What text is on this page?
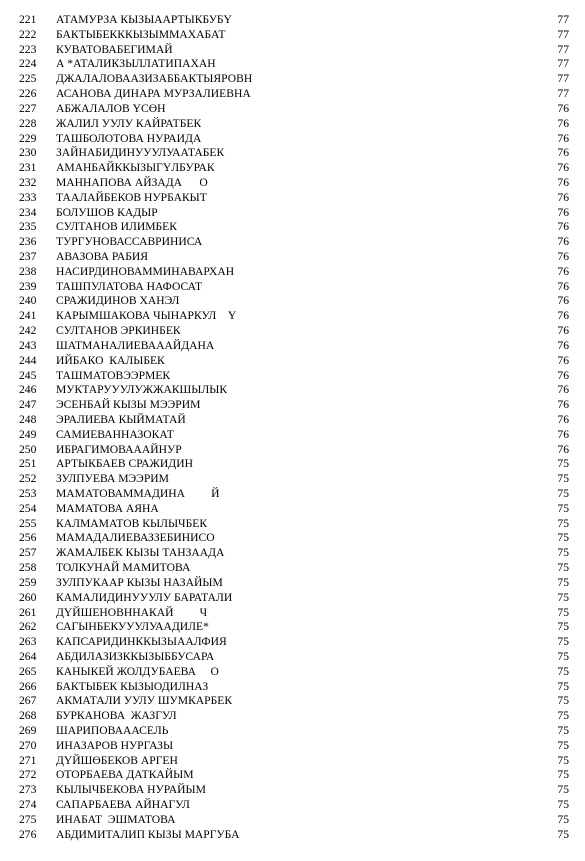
221	АТАМУРЗА КЫЗЫААРТЫКБУБҮ	77
222	БАКТЫБЕКККЫЗЫММАХАБАТ	77
223	КУВАТОВАБЕГИМАЙ	77
224	А *АТАЛИКЗЫЛЛАТИПАХАН	77
225	ДЖАЛАЛОВААЗИЗАББАКТЫЯРОВН	77
226	АСАНОВА ДИНАРА МУРЗАЛИЕВНА	77
227	АБЖАЛАЛОВ ҮСӨН	76
228	ЖАЛИЛ УУЛУ КАЙРАТБЕК	76
229	ТАШБОЛОТОВА НУРАИДА	76
230	ЗАЙНАБИДИНУУУЛУААТАБЕК	76
231	АМАНБАЙККЫЗЫГҮЛБУРАК	76
232	МАННАПОВА АЙЗАДА      О	76
233	ТААЛАЙБЕКОВ НУРБАКЫТ	76
234	БОЛУШОВ КАДЫР	76
235	СУЛТАНОВ ИЛИМБЕК	76
236	ТУРГУНОВАССАВРИНИСА	76
237	АВАЗОВА РАБИЯ	76
238	НАСИРДИНОВАММИНАВАРХАН	76
239	ТАШПУЛАТОВА НАФОСАТ	76
240	СРАЖИДИНОВ ХАНЭЛ	76
241	КАРЫМШАКОВА ЧЫНАРКУЛ    Ү	76
242	СУЛТАНОВ ЭРКИНБЕК	76
243	ШАТМАНАЛИЕВАААЙДАНА	76
244	ИЙБАКО  КАЛЫБЕК	76
245	ТАШМАТОВЭЭРМЕК	76
246	МУКТАРУУУЛУЖЖАКШЫЛЫК	76
247	ЭСЕНБАЙ КЫЗЫ МЭЭРИМ	76
248	ЭРАЛИЕВА КЫЙМАТАЙ	76
249	САМИЕВАННАЗОКАТ	76
250	ИБРАГИМОВАААЙНУР	76
251	АРТЫКБАЕВ СРАЖИДИН	75
252	ЗУЛПУЕВА МЭЭРИМ	75
253	МАМАТОВАММАДИНА         Й	75
254	МАМАТОВА АЯНА	75
255	КАЛМАМАТОВ КЫЛЫЧБЕК	75
256	МАМАДАЛИЕВАЗЗЕБИНИСО	75
257	ЖАМАЛБЕК КЫЗЫ ТАНЗААДА	75
258	ТОЛКУНАЙ МАМИТОВА	75
259	ЗУЛПУКААР КЫЗЫ НАЗАЙЫМ	75
260	КАМАЛИДИНУУУЛУ БАРАТАЛИ	75
261	ДҮЙШЕНОВННАКАЙ         Ч	75
262	САГЫНБЕКУУУЛУААДИЛЕ*	75
263	КАПСАРИДИНККЫЗЫААЛФИЯ	75
264	АБДИЛАЗИЗККЫЗЫББУСАРА	75
265	КАНЫКЕЙ ЖОЛДУБАЕВА     О	75
266	БАКТЫБЕК КЫЗЫОДИЛНАЗ	75
267	АКМАТАЛИ УУЛУ ШУМКАРБЕК	75
268	БУРКАНОВА  ЖАЗГУЛ	75
269	ШАРИПОВАААСЕЛЬ	75
270	ИНАЗАРОВ НУРГАЗЫ	75
271	ДҮЙШӨБЕКОВ АРГЕН	75
272	ОТОРБАЕВА ДАТКАЙЫМ	75
273	КЫЛЫЧБЕКОВА НУРАЙЫМ	75
274	САПАРБАЕВА АЙНАГУЛ	75
275	ИНАБАТ  ЭШМАТОВА	75
276	АБДИМИТАЛИП КЫЗЫ МАРГУБА	75
